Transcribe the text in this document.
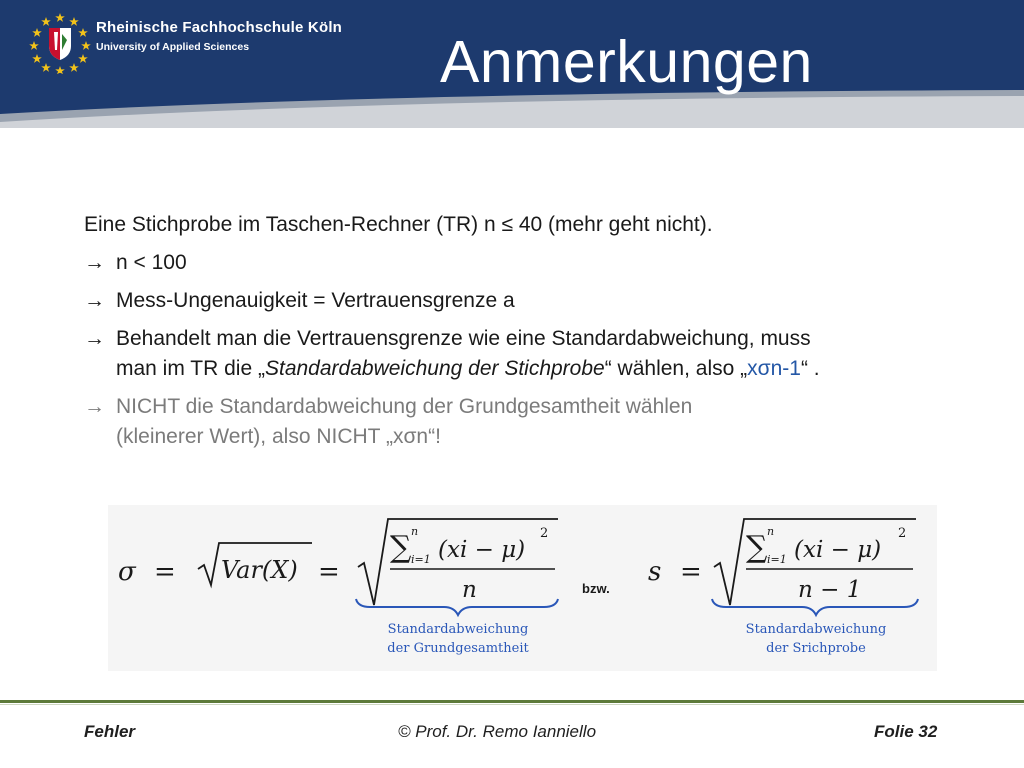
Rheinische Fachhochschule Köln
University of Applied Sciences	Anmerkungen

Eine Stichprobe im Taschen-Rechner (TR) n ≤ 40 (mehr geht nicht).

→ n < 100
→ Mess-Ungenauigkeit = Vertrauensgrenze a
→ Behandelt man die Vertrauensgrenze wie eine Standardabweichung, muss
man im TR die „Standardabweichung der Stichprobe“ wählen, also „xσn-1“ .
→ NICHT die Standardabweichung der Grundgesamtheit wählen
(kleinerer Wert), also NICHT „xσn“!
σ = Var(X) =
∑ n
i=1 (xi − μ)
2
n	bzw.
s =
∑ n
i=1 (xi − μ)
2
n − 1
Standardabweichung
der Grundgesamtheit
Standardabweichung
der Srichprobe
Fehler	© Prof. Dr. Remo Ianniello	Folie 32
